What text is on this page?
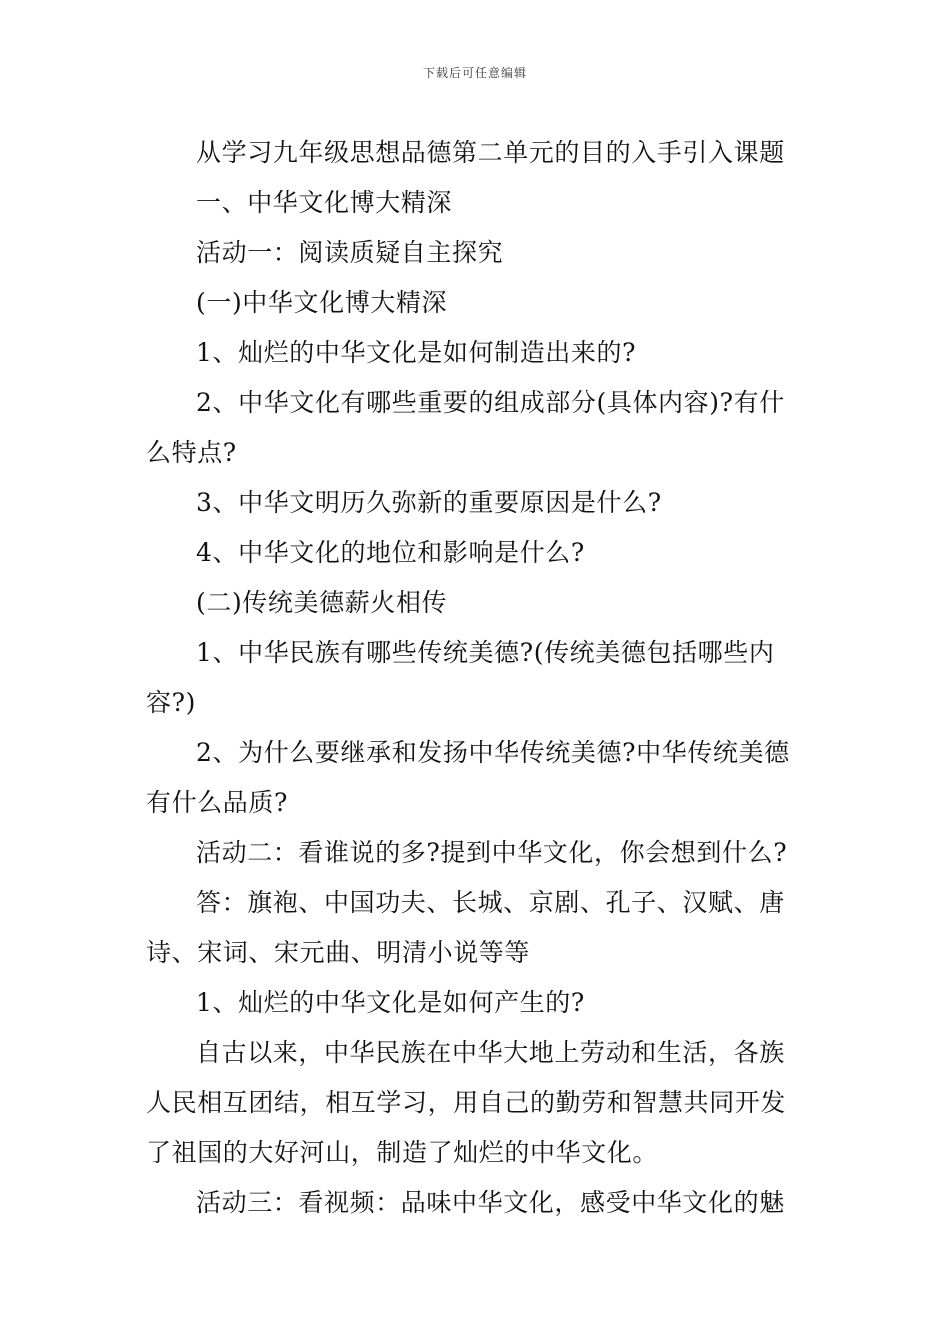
下载后可任意编辑

从学习九年级思想品德第二单元的目的入手引入课题

一、中华文化博大精深

活动一：阅读质疑自主探究

(一)中华文化博大精深

1、灿烂的中华文化是如何制造出来的?

2、中华文化有哪些重要的组成部分(具体内容)?有什么特点?

3、中华文明历久弥新的重要原因是什么?

4、中华文化的地位和影响是什么?

(二)传统美德薪火相传

1、中华民族有哪些传统美德?(传统美德包括哪些内容?)

2、为什么要继承和发扬中华传统美德?中华传统美德有什么品质?

活动二：看谁说的多?提到中华文化，你会想到什么?

答：旗袍、中国功夫、长城、京剧、孔子、汉赋、唐诗、宋词、宋元曲、明清小说等等

1、灿烂的中华文化是如何产生的?

自古以来，中华民族在中华大地上劳动和生活，各族人民相互团结，相互学习，用自己的勤劳和智慧共同开发了祖国的大好河山，制造了灿烂的中华文化。

活动三：看视频：品味中华文化，感受中华文化的魅
